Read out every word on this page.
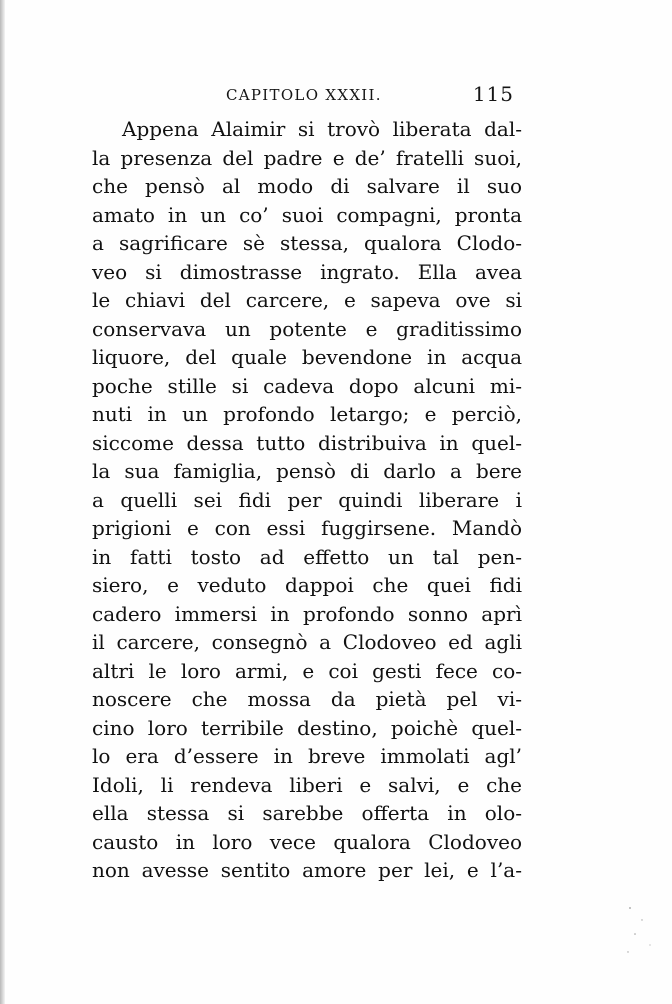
CAPITOLO XXXII.	115
Appena Alaimir si trovò liberata dal-
la presenza del padre e de’ fratelli suoi,
che pensò al modo di salvare il suo
amato in un co’ suoi compagni, pronta
a sagrificare sè stessa, qualora Clodo-
veo si dimostrasse ingrato. Ella avea
le chiavi del carcere, e sapeva ove si
conservava un potente e graditissimo
liquore, del quale bevendone in acqua
poche stille si cadeva dopo alcuni mi-
nuti in un profondo letargo; e perciò,
siccome dessa tutto distribuiva in quel-
la sua famiglia, pensò di darlo a bere
a quelli sei fidi per quindi liberare i
prigioni e con essi fuggirsene. Mandò
in fatti tosto ad effetto un tal pen-
siero, e veduto dappoi che quei fidi
cadero immersi in profondo sonno aprì
il carcere, consegnò a Clodoveo ed agli
altri le loro armi, e coi gesti fece co-
noscere che mossa da pietà pel vi-
cino loro terribile destino, poichè quel-
lo era d’essere in breve immolati agl’
Idoli, li rendeva liberi e salvi, e che
ella stessa si sarebbe offerta in olo-
causto in loro vece qualora Clodoveo
non avesse sentito amore per lei, e l’a-
